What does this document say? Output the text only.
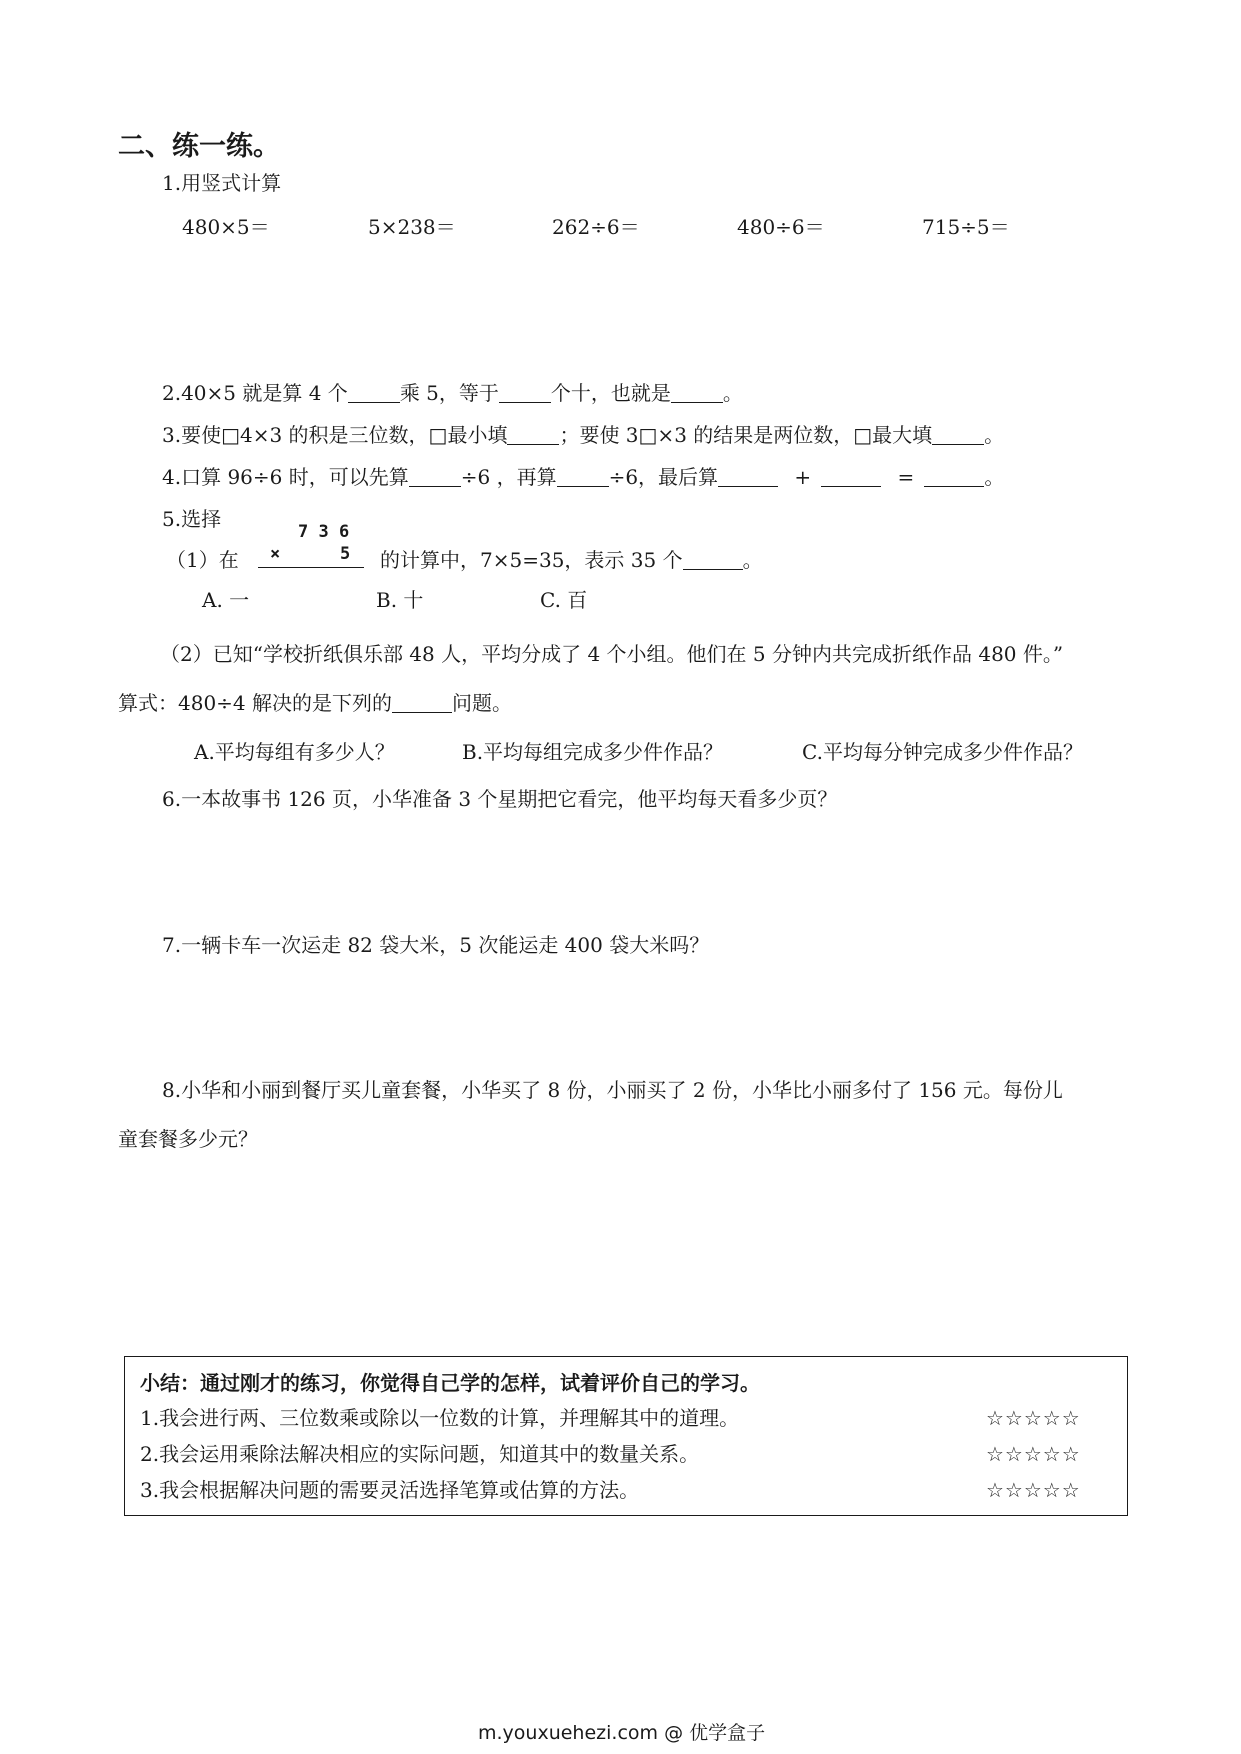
二、练一练。
1.用竖式计算
480×5＝	5×238＝	262÷6＝	480÷6＝	715÷5＝
2.40×5 就是算 4 个	乘 5，等于	个十，也就是	。
3.要使□4×3 的积是三位数，□最小填	；要使 3□×3 的结果是两位数，□最大填	。
4.口算 96÷6 时，可以先算	÷6 ，再算	÷6，最后算	+	=	。
5.选择
（1）在
7 3 6
×	5 的计算中，7×5=35，表示 35 个	。
A. 一	B. 十	C. 百
（2）已知“学校折纸俱乐部 48 人，平均分成了 4 个小组。他们在 5 分钟内共完成折纸作品 480 件。”
算式：480÷4 解决的是下列的	问题。
A.平均每组有多少人？	B.平均每组完成多少件作品？	C.平均每分钟完成多少件作品？
6.一本故事书 126 页，小华准备 3 个星期把它看完，他平均每天看多少页？
7.一辆卡车一次运走 82 袋大米，5 次能运走 400 袋大米吗？
8.小华和小丽到餐厅买儿童套餐，小华买了 8 份，小丽买了 2 份，小华比小丽多付了 156 元。每份儿
童套餐多少元？
小结：通过刚才的练习，你觉得自己学的怎样，试着评价自己的学习。
1.我会进行两、三位数乘或除以一位数的计算，并理解其中的道理。	☆☆☆☆☆
2.我会运用乘除法解决相应的实际问题，知道其中的数量关系。	☆☆☆☆☆
3.我会根据解决问题的需要灵活选择笔算或估算的方法。	☆☆☆☆☆
m.youxuehezi.com @ 优学盒子
